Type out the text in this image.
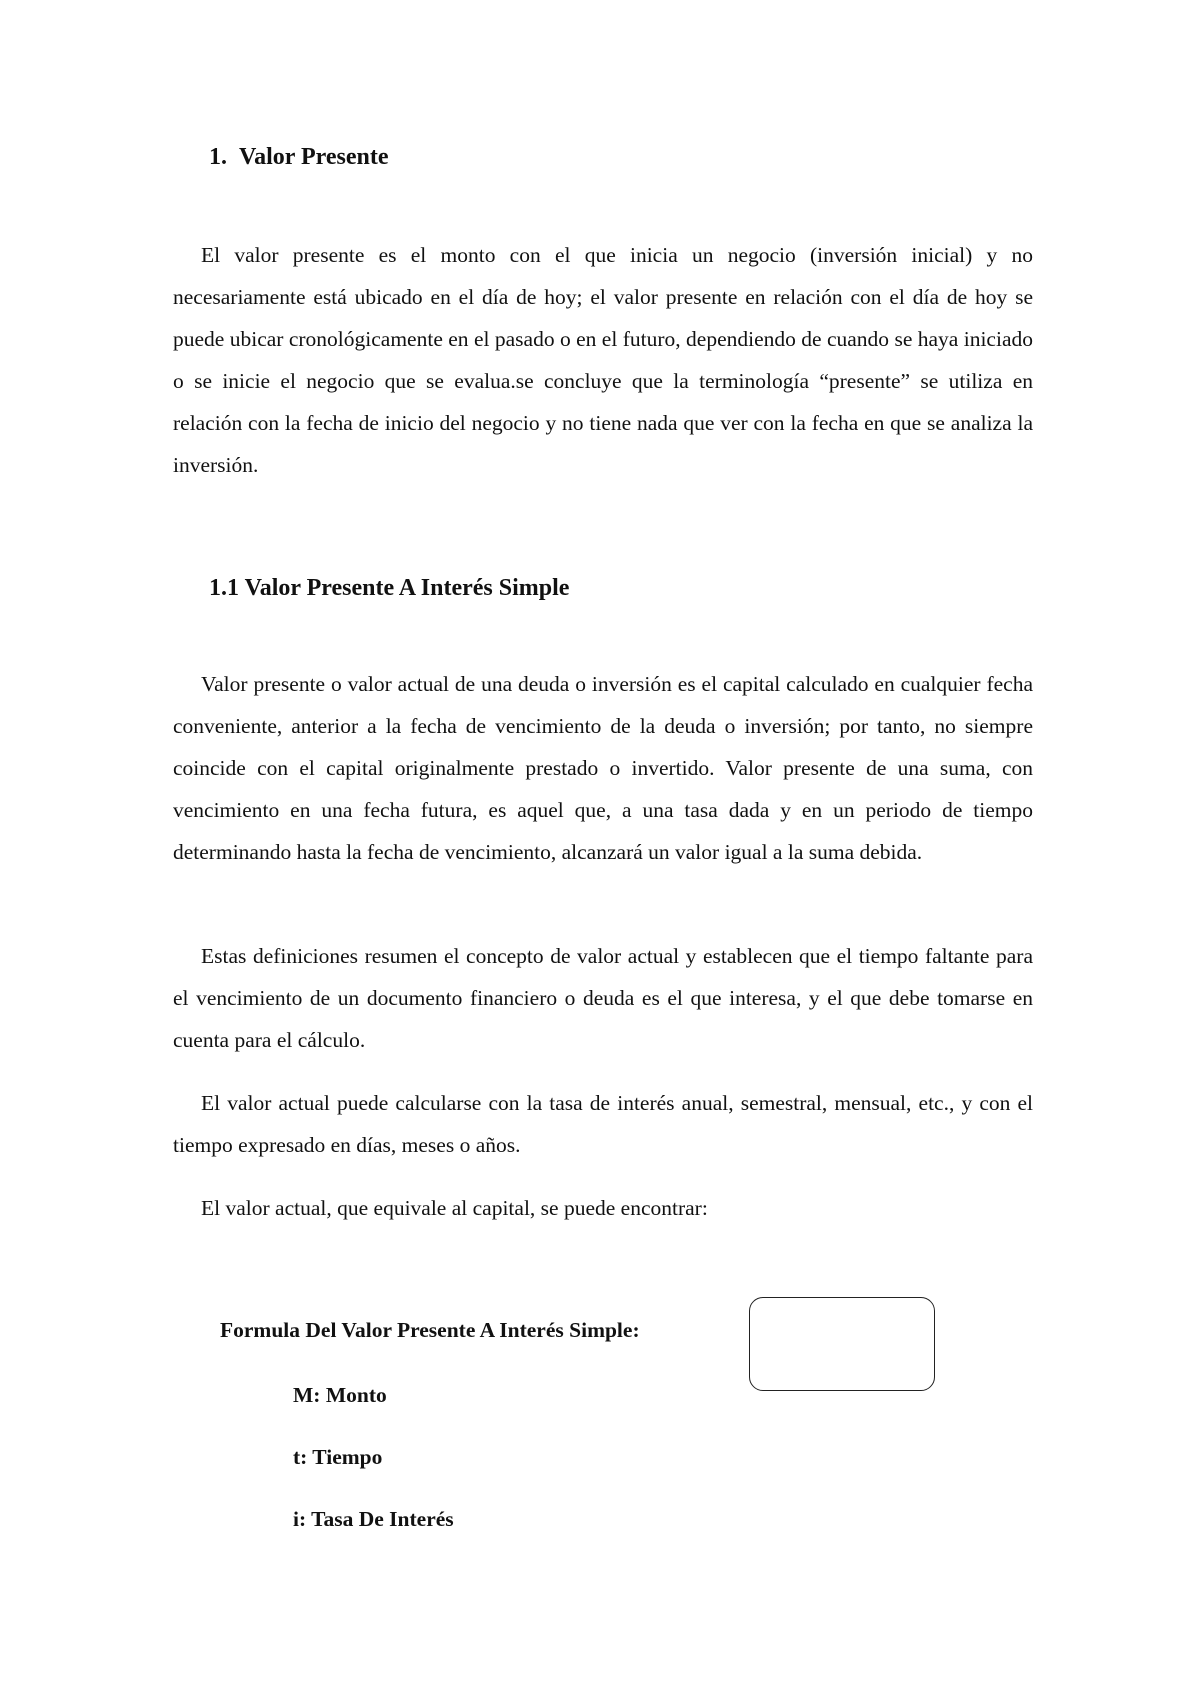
1. Valor Presente

El valor presente es el monto con el que inicia un negocio (inversión inicial) y no necesariamente está ubicado en el día de hoy; el valor presente en relación con el día de hoy se puede ubicar cronológicamente en el pasado o en el futuro, dependiendo de cuando se haya iniciado o se inicie el negocio que se evalua.se concluye que la terminología “presente” se utiliza en relación con la fecha de inicio del negocio y no tiene nada que ver con la fecha en que se analiza la inversión.

1.1 Valor Presente A Interés Simple

Valor presente o valor actual de una deuda o inversión es el capital calculado en cualquier fecha conveniente, anterior a la fecha de vencimiento de la deuda o inversión; por tanto, no siempre coincide con el capital originalmente prestado o invertido. Valor presente de una suma, con vencimiento en una fecha futura, es aquel que, a una tasa dada y en un periodo de tiempo determinando hasta la fecha de vencimiento, alcanzará un valor igual a la suma debida.

Estas definiciones resumen el concepto de valor actual y establecen que el tiempo faltante para el vencimiento de un documento financiero o deuda es el que interesa, y el que debe tomarse en cuenta para el cálculo.

El valor actual puede calcularse con la tasa de interés anual, semestral, mensual, etc., y con el tiempo expresado en días, meses o años.

El valor actual, que equivale al capital, se puede encontrar:

Formula Del Valor Presente A Interés Simple:

M: Monto

t: Tiempo

i: Tasa De Interés
